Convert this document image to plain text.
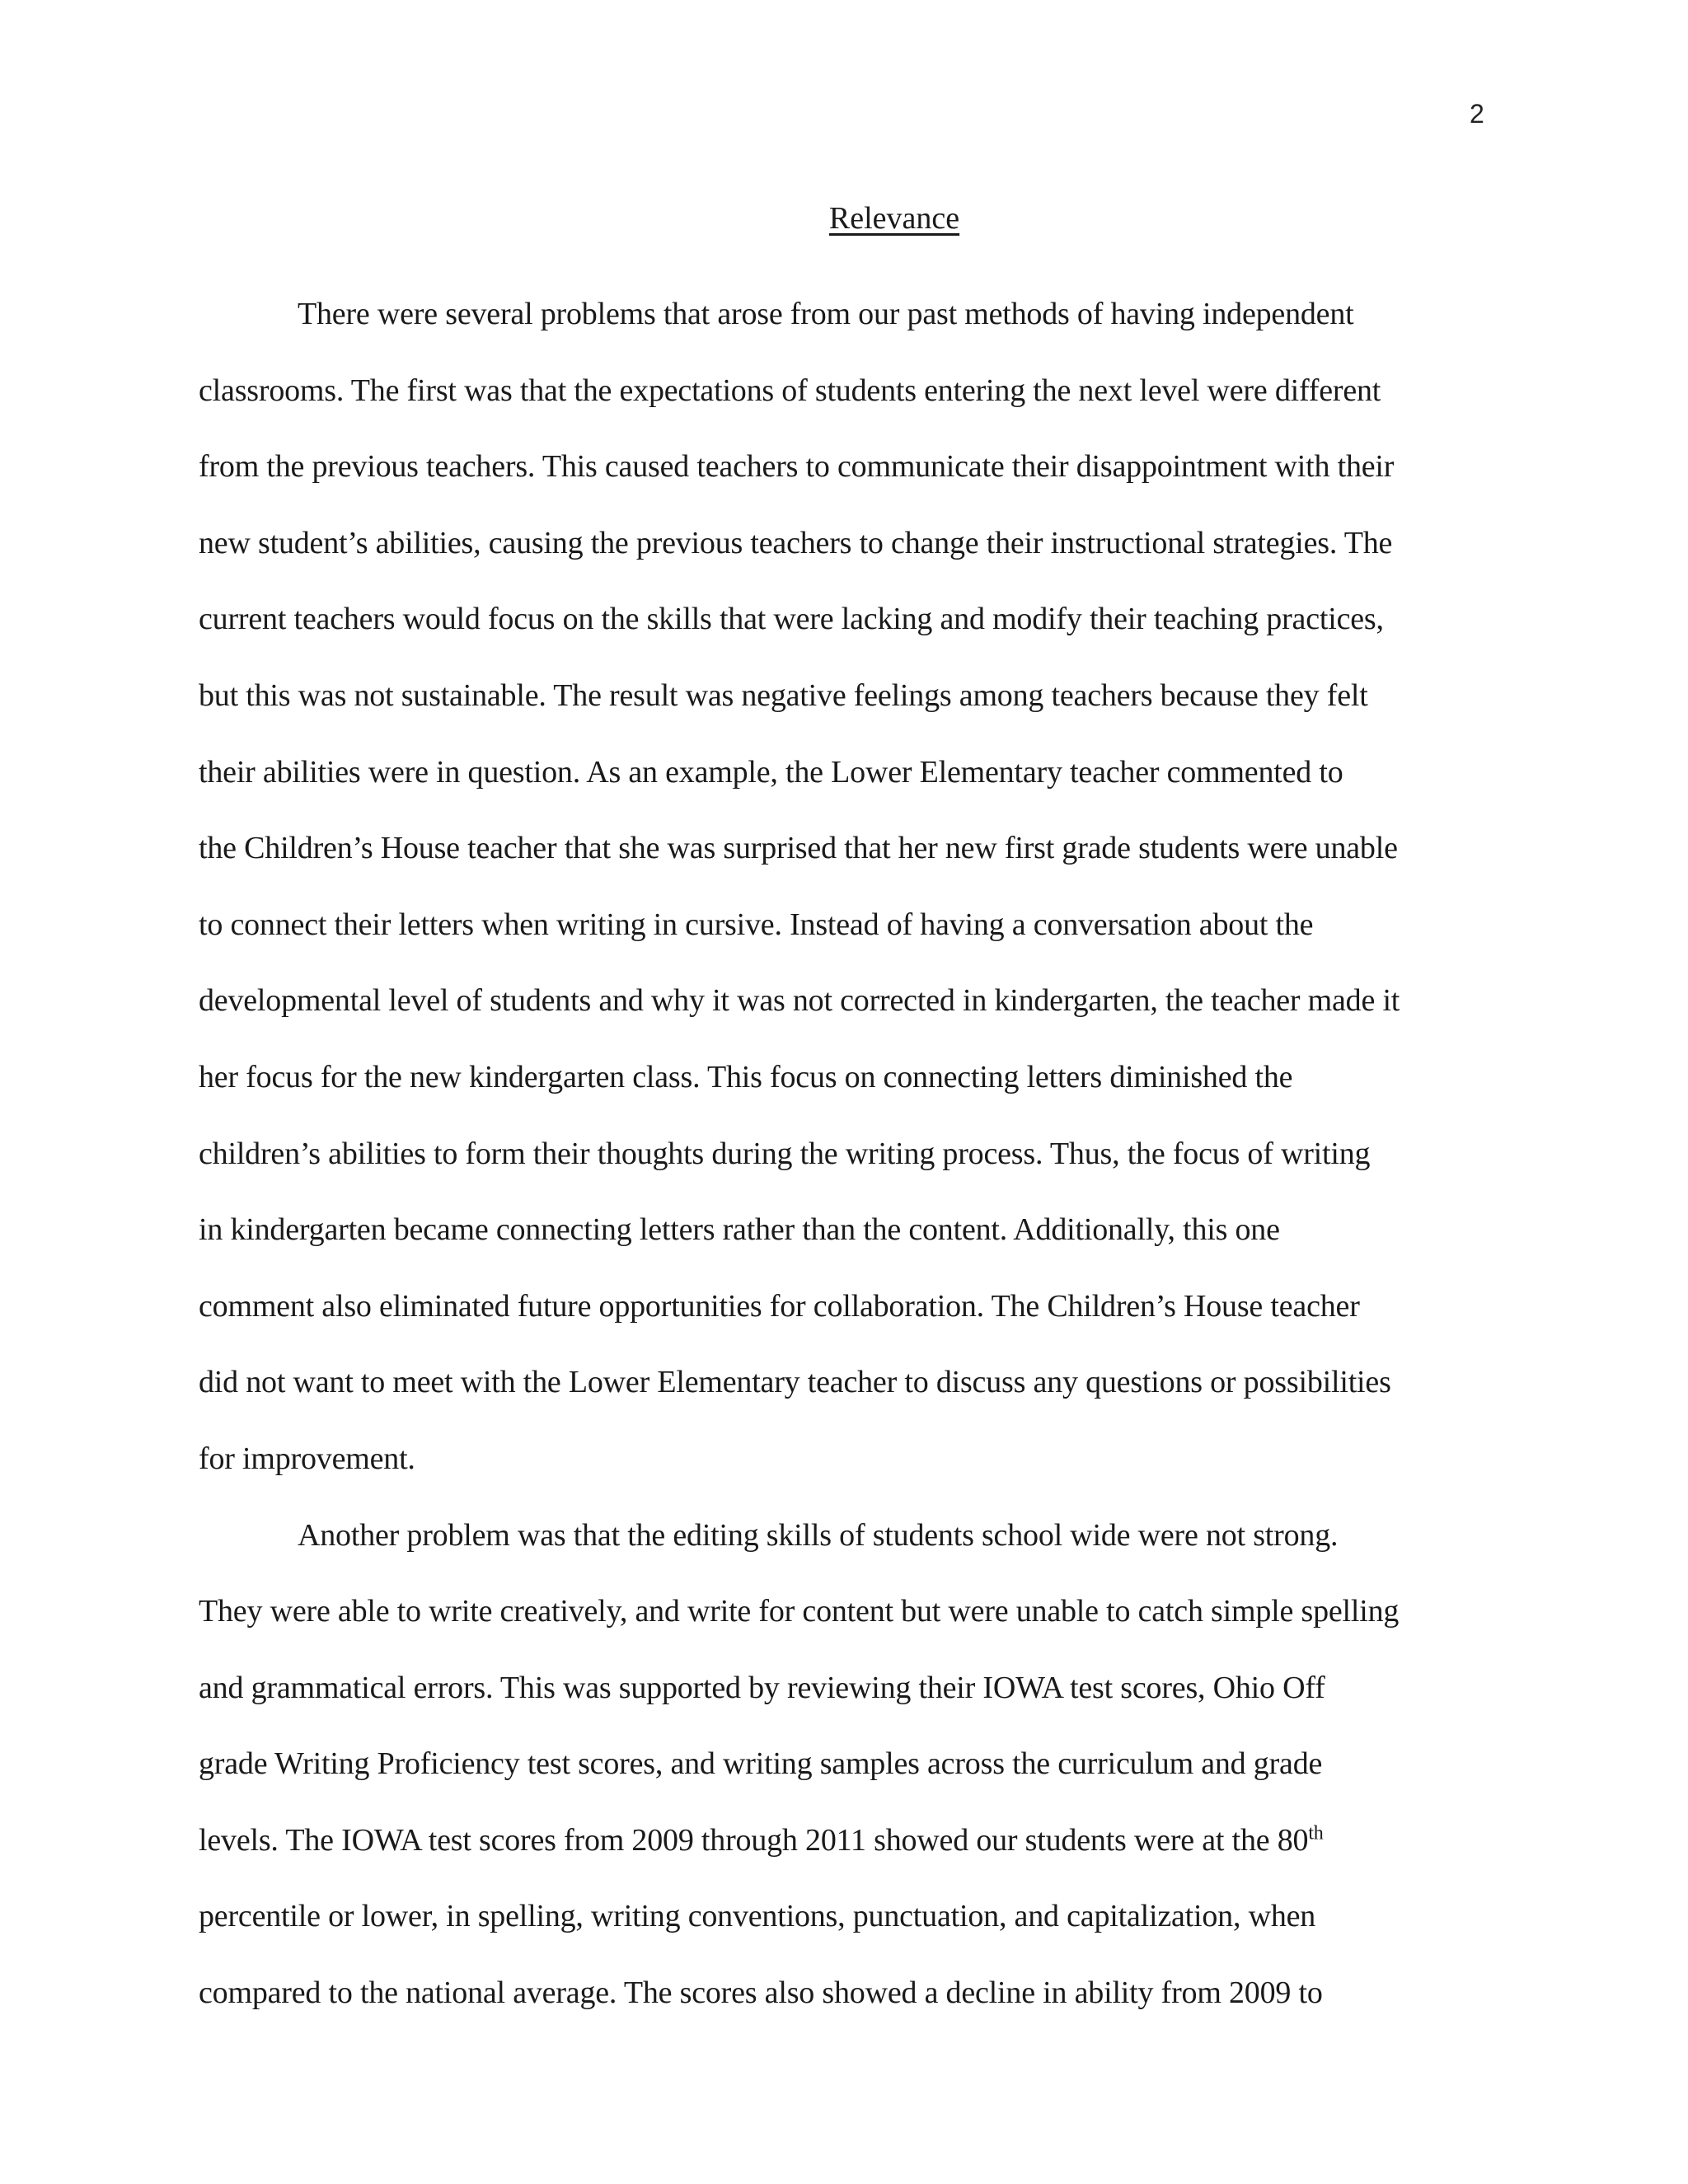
2
Relevance
There were several problems that arose from our past methods of having independent
classrooms. The first was that the expectations of students entering the next level were different
from the previous teachers. This caused teachers to communicate their disappointment with their
new student’s abilities, causing the previous teachers to change their instructional strategies. The
current teachers would focus on the skills that were lacking and modify their teaching practices,
but this was not sustainable. The result was negative feelings among teachers because they felt
their abilities were in question. As an example, the Lower Elementary teacher commented to
the Children’s House teacher that she was surprised that her new first grade students were unable
to connect their letters when writing in cursive. Instead of having a conversation about the
developmental level of students and why it was not corrected in kindergarten, the teacher made it
her focus for the new kindergarten class. This focus on connecting letters diminished the
children’s abilities to form their thoughts during the writing process. Thus, the focus of writing
in kindergarten became connecting letters rather than the content. Additionally, this one
comment also eliminated future opportunities for collaboration. The Children’s House teacher
did not want to meet with the Lower Elementary teacher to discuss any questions or possibilities
for improvement.
Another problem was that the editing skills of students school wide were not strong.
They were able to write creatively, and write for content but were unable to catch simple spelling
and grammatical errors. This was supported by reviewing their IOWA test scores, Ohio Off
grade Writing Proficiency test scores, and writing samples across the curriculum and grade
levels. The IOWA test scores from 2009 through 2011 showed our students were at the 80th
percentile or lower, in spelling, writing conventions, punctuation, and capitalization, when
compared to the national average. The scores also showed a decline in ability from 2009 to
